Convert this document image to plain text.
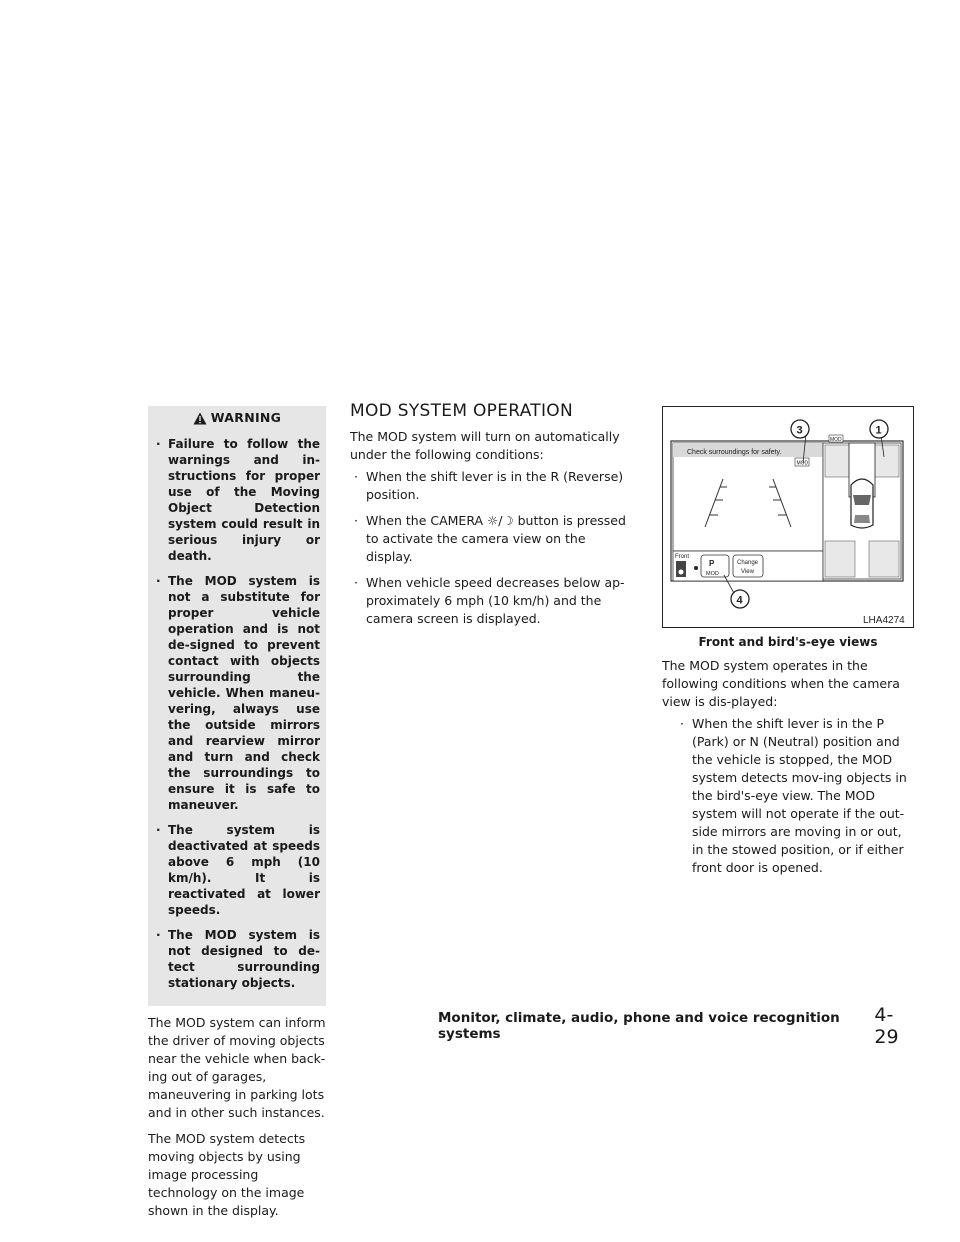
WARNING
· Failure to follow the warnings and in-structions for proper use of the Moving Object Detection system could result in serious injury or death.
· The MOD system is not a substitute for proper vehicle operation and is not de-signed to prevent contact with objects surrounding the vehicle. When maneu-vering, always use the outside mirrors and rearview mirror and turn and check the surroundings to ensure it is safe to maneuver.
· The system is deactivated at speeds above 6 mph (10 km/h). It is reactivated at lower speeds.
· The MOD system is not designed to de-tect surrounding stationary objects.

The MOD system can inform the driver of moving objects near the vehicle when back-ing out of garages, maneuvering in parking lots and in other such instances.

The MOD system detects moving objects by using image processing technology on the image shown in the display.

MOD SYSTEM OPERATION

The MOD system will turn on automatically under the following conditions:

· When the shift lever is in the R (Reverse) position.
· When the CAMERA ☼/☽ button is pressed to activate the camera view on the display.
· When vehicle speed decreases below ap-proximately 6 mph (10 km/h) and the camera screen is displayed.
Check surroundings for safety.
MOD
Front
P
MOD
Change
View
MOD
3	1
4
LHA4274
Front and bird's-eye views

The MOD system operates in the following conditions when the camera view is dis-played:

· When the shift lever is in the P (Park) or N (Neutral) position and the vehicle is stopped, the MOD system detects mov-ing objects in the bird's-eye view. The MOD system will not operate if the out-side mirrors are moving in or out, in the stowed position, or if either front door is opened.
Monitor, climate, audio, phone and voice recognition systems
4-29
